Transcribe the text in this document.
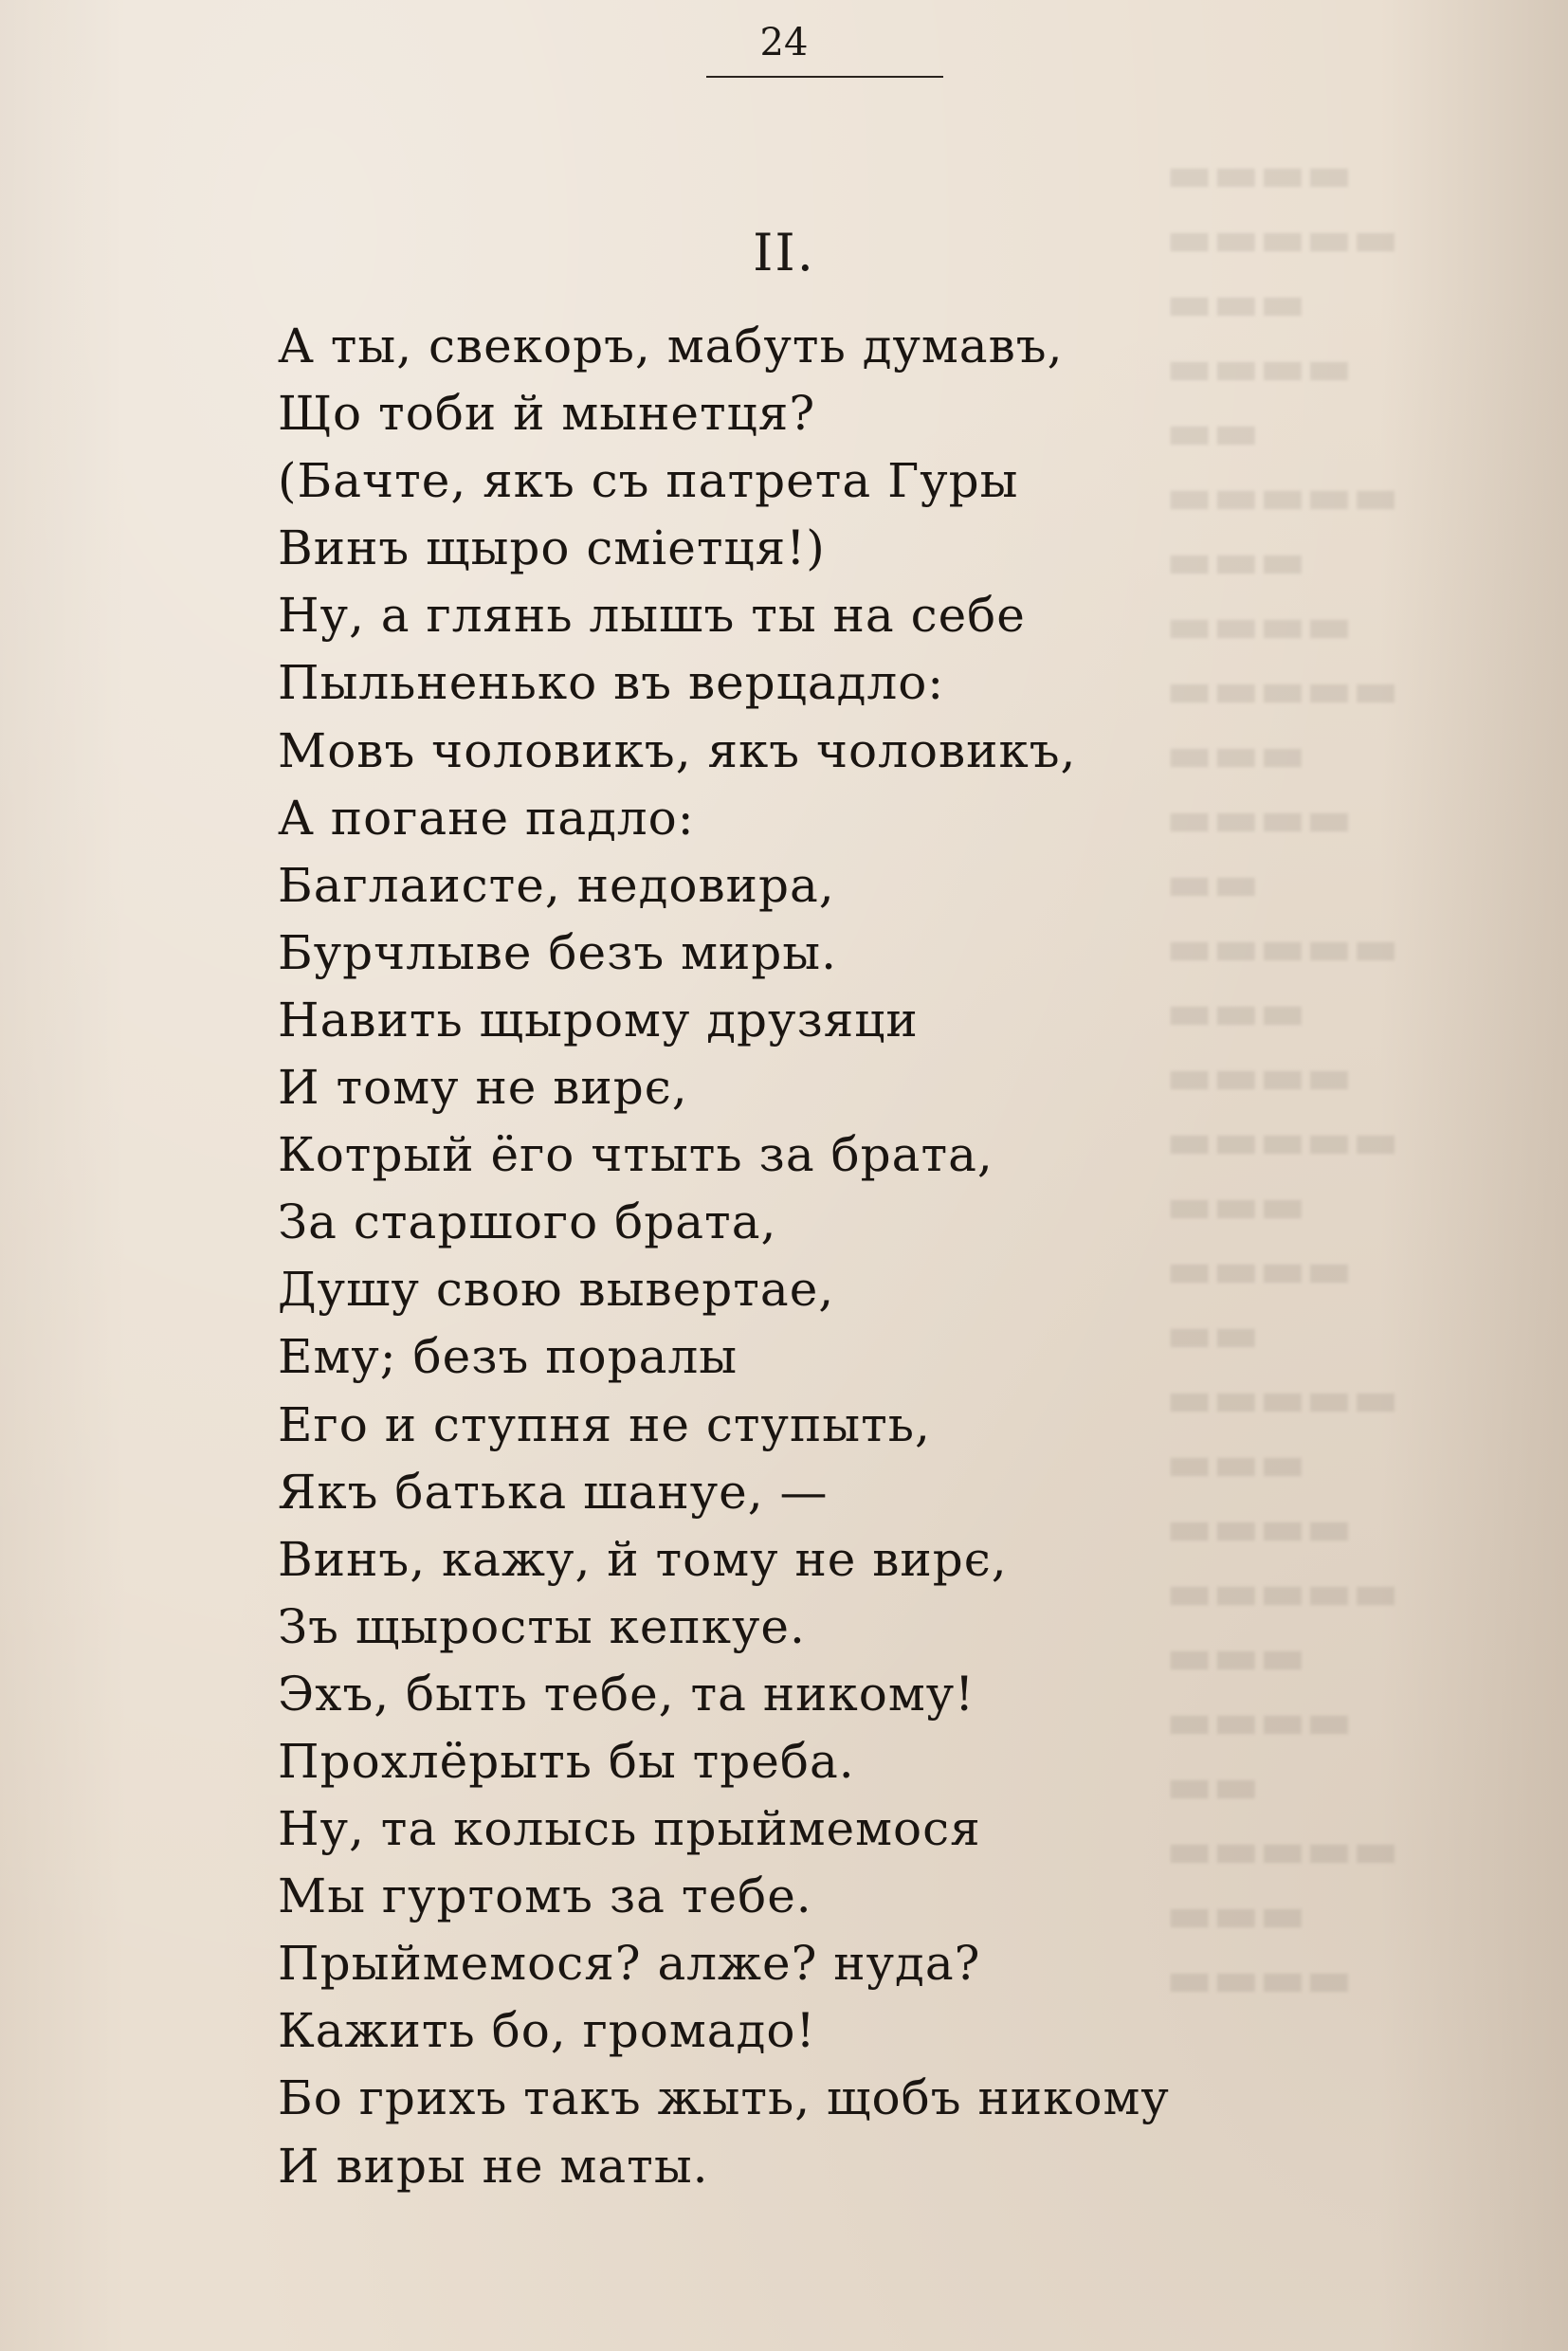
▬▬▬▬
▬▬▬▬▬
▬▬▬
▬▬▬▬
▬▬
▬▬▬▬▬
▬▬▬
▬▬▬▬
▬▬▬▬▬
▬▬▬
▬▬▬▬
▬▬
▬▬▬▬▬
▬▬▬
▬▬▬▬
▬▬▬▬▬
▬▬▬
▬▬▬▬
▬▬
▬▬▬▬▬
▬▬▬
▬▬▬▬
▬▬▬▬▬
▬▬▬
▬▬▬▬
▬▬
▬▬▬▬▬
▬▬▬
▬▬▬▬
24
II.
А ты, свекоръ, мабуть думавъ,
Що тоби й мынетця?
(Бачте, якъ съ патрета Гуры
Винъ щыро сміетця!)
Ну, а глянь лышъ ты на себе
Пыльненько въ верцадло:
Мовъ чоловикъ, якъ чоловикъ,
А погане падло:
Баглаисте, недовира,
Бурчлыве безъ миры.
Навить щырому друзяци
И тому не вирє,
Котрый ёго чтыть за брата,
За старшого брата,
Душу свою вывертае,
Ему; безъ поралы
Его и ступня не ступыть,
Якъ батька шануе, —
Винъ, кажу, й тому не вирє,
Зъ щыросты кепкуе.
Эхъ, быть тебе, та никому!
Прохлёрыть бы треба.
Ну, та колысь прыймемося
Мы гуртомъ за тебе.
Прыймемося? алже? нуда?
Кажить бо, громадо!
Бо грихъ такъ жыть, щобъ никому
И виры не маты.
